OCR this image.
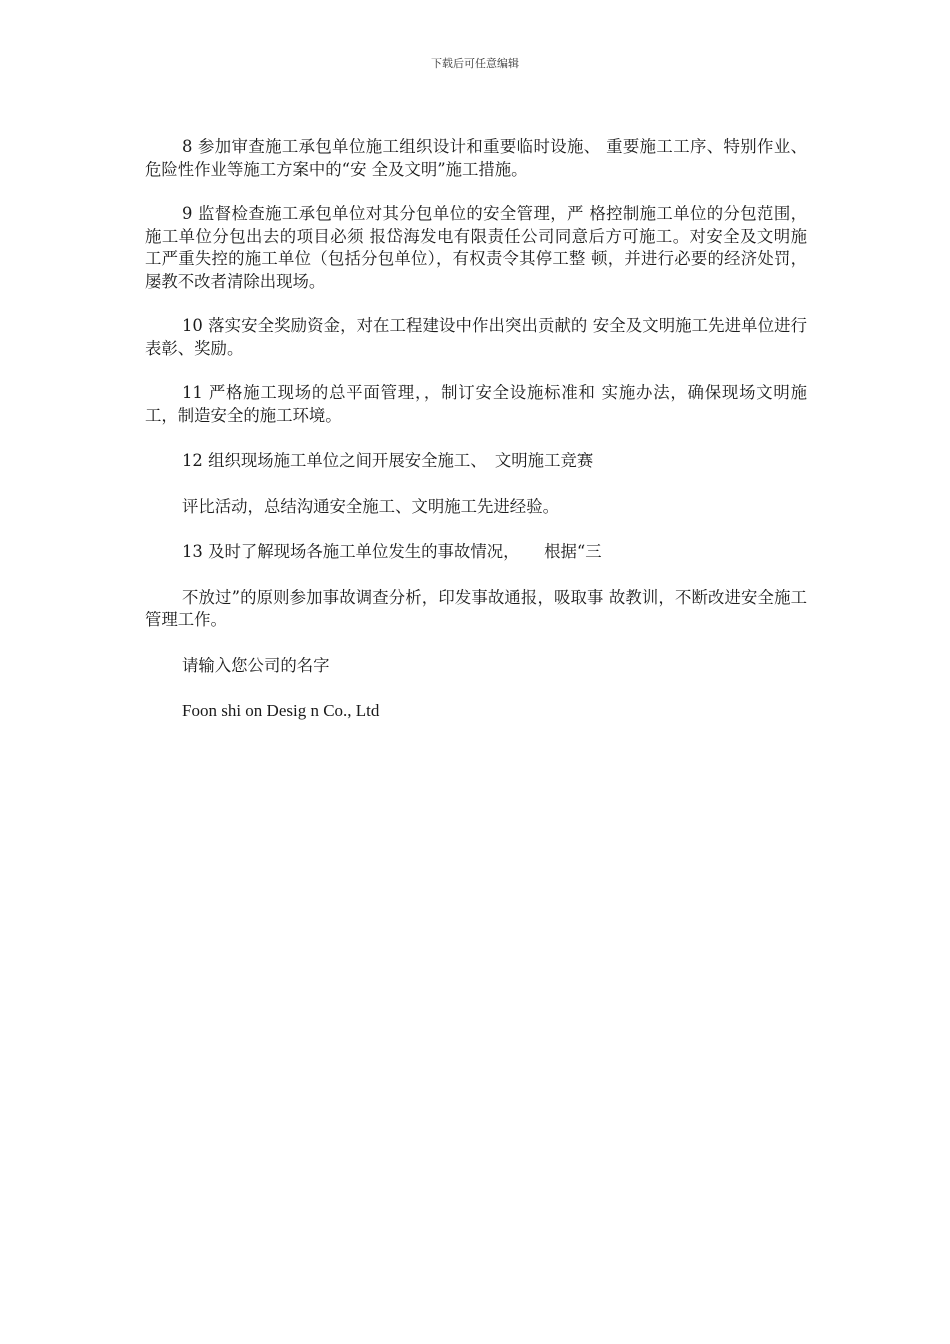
下载后可任意编辑

8 参加审查施工承包单位施工组织设计和重要临时设施、 重要施工工序、特别作业、危险性作业等施工方案中的“安 全及文明”施工措施。

9 监督检查施工承包单位对其分包单位的安全管理，严 格控制施工单位的分包范围，施工单位分包出去的项目必须 报岱海发电有限责任公司同意后方可施工。对安全及文明施 工严重失控的施工单位（包括分包单位），有权责令其停工整 顿，并进行必要的经济处罚，屡教不改者清除出现场。

10 落实安全奖励资金，对在工程建设中作出突出贡献的 安全及文明施工先进单位进行表彰、奖励。

11 严格施工现场的总平面管理，，制订安全设施标准和 实施办法，确保现场文明施工，制造安全的施工环境。

12 组织现场施工单位之间开展安全施工、　文明施工竞赛

评比活动，总结沟通安全施工、文明施工先进经验。

13 及时了解现场各施工单位发生的事故情况，　　根据“三

不放过”的原则参加事故调查分析，印发事故通报，吸取事 故教训，不断改进安全施工管理工作。

请输入您公司的名字

Foon shi on Desig n Co., Ltd
